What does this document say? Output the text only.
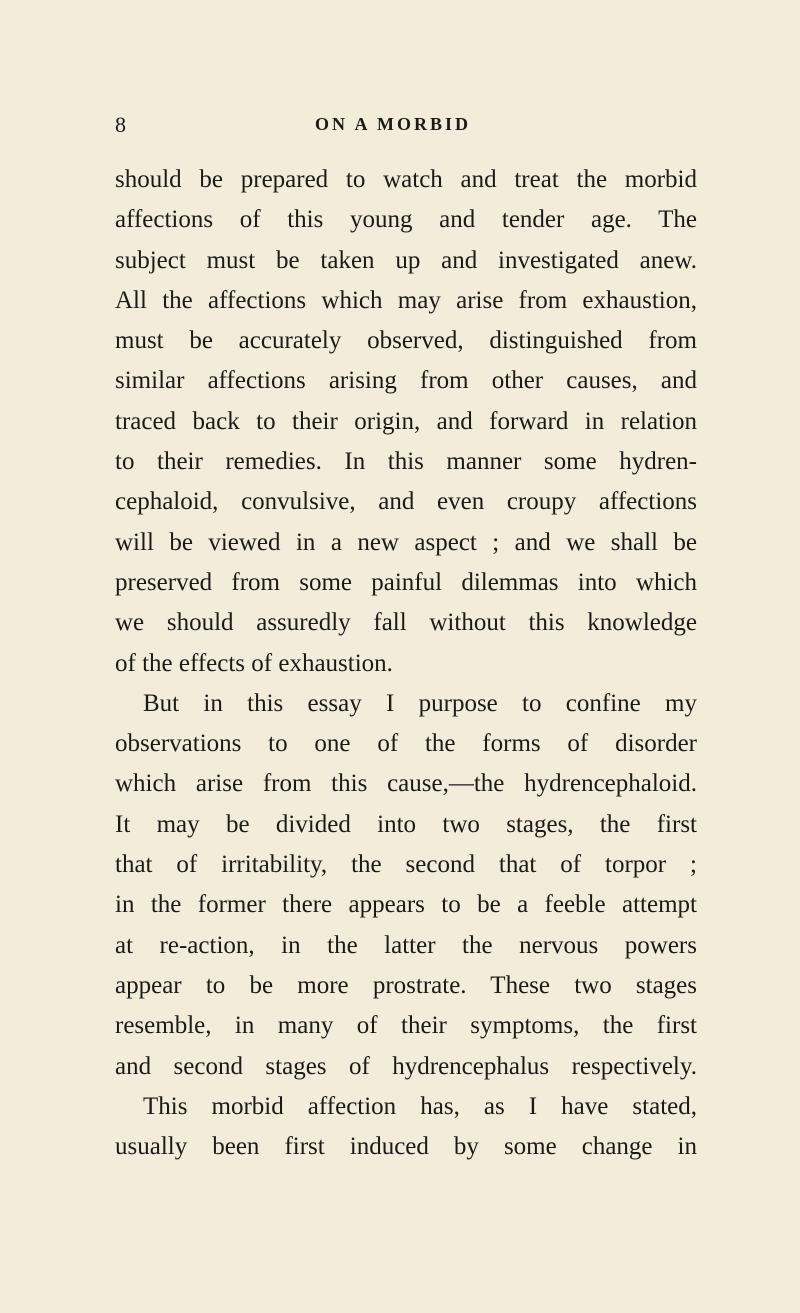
8	ON A MORBID
should be prepared to watch and treat the morbid
affections of this young and tender age. The
subject must be taken up and investigated anew.
All the affections which may arise from exhaustion,
must be accurately observed, distinguished from
similar affections arising from other causes, and
traced back to their origin, and forward in relation
to their remedies. In this manner some hydren-
cephaloid, convulsive, and even croupy affections
will be viewed in a new aspect ; and we shall be
preserved from some painful dilemmas into which
we should assuredly fall without this knowledge
of the effects of exhaustion.
But in this essay I purpose to confine my
observations to one of the forms of disorder
which arise from this cause,—the hydrencephaloid.
It may be divided into two stages, the first
that of irritability, the second that of torpor ;
in the former there appears to be a feeble attempt
at re-action, in the latter the nervous powers
appear to be more prostrate. These two stages
resemble, in many of their symptoms, the first
and second stages of hydrencephalus respectively.
This morbid affection has, as I have stated,
usually been first induced by some change in
